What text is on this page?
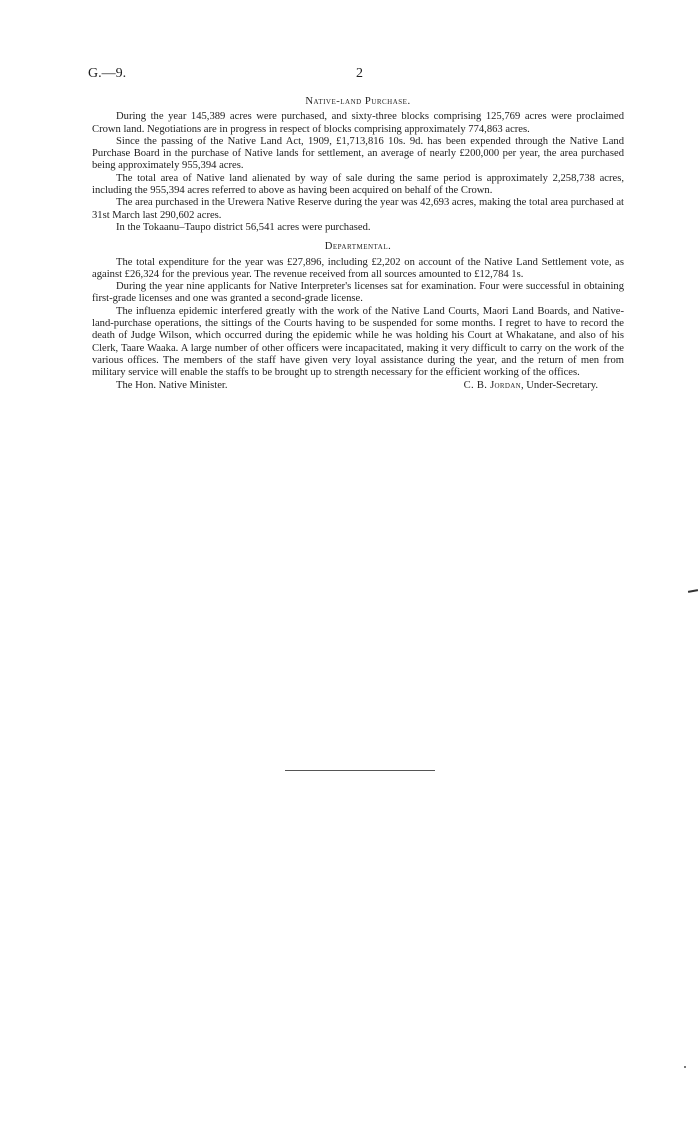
G.—9.	2
Native-land Purchase.

During the year 145,389 acres were purchased, and sixty-three blocks comprising 125,769 acres were proclaimed Crown land. Negotiations are in progress in respect of blocks comprising approximately 774,863 acres.

Since the passing of the Native Land Act, 1909, £1,713,816 10s. 9d. has been expended through the Native Land Purchase Board in the purchase of Native lands for settlement, an average of nearly £200,000 per year, the area purchased being approximately 955,394 acres.

The total area of Native land alienated by way of sale during the same period is approximately 2,258,738 acres, including the 955,394 acres referred to above as having been acquired on behalf of the Crown.

The area purchased in the Urewera Native Reserve during the year was 42,693 acres, making the total area purchased at 31st March last 290,602 acres.

In the Tokaanu–Taupo district 56,541 acres were purchased.

Departmental.

The total expenditure for the year was £27,896, including £2,202 on account of the Native Land Settlement vote, as against £26,324 for the previous year. The revenue received from all sources amounted to £12,784 1s.

During the year nine applicants for Native Interpreter's licenses sat for examination. Four were successful in obtaining first-grade licenses and one was granted a second-grade license.

The influenza epidemic interfered greatly with the work of the Native Land Courts, Maori Land Boards, and Native-land-purchase operations, the sittings of the Courts having to be suspended for some months. I regret to have to record the death of Judge Wilson, which occurred during the epidemic while he was holding his Court at Whakatane, and also of his Clerk, Taare Waaka. A large number of other officers were incapacitated, making it very difficult to carry on the work of the various offices. The members of the staff have given very loyal assistance during the year, and the return of men from military service will enable the staffs to be brought up to strength necessary for the efficient working of the offices.

The Hon. Native Minister.	C. B. Jordan, Under-Secretary.
